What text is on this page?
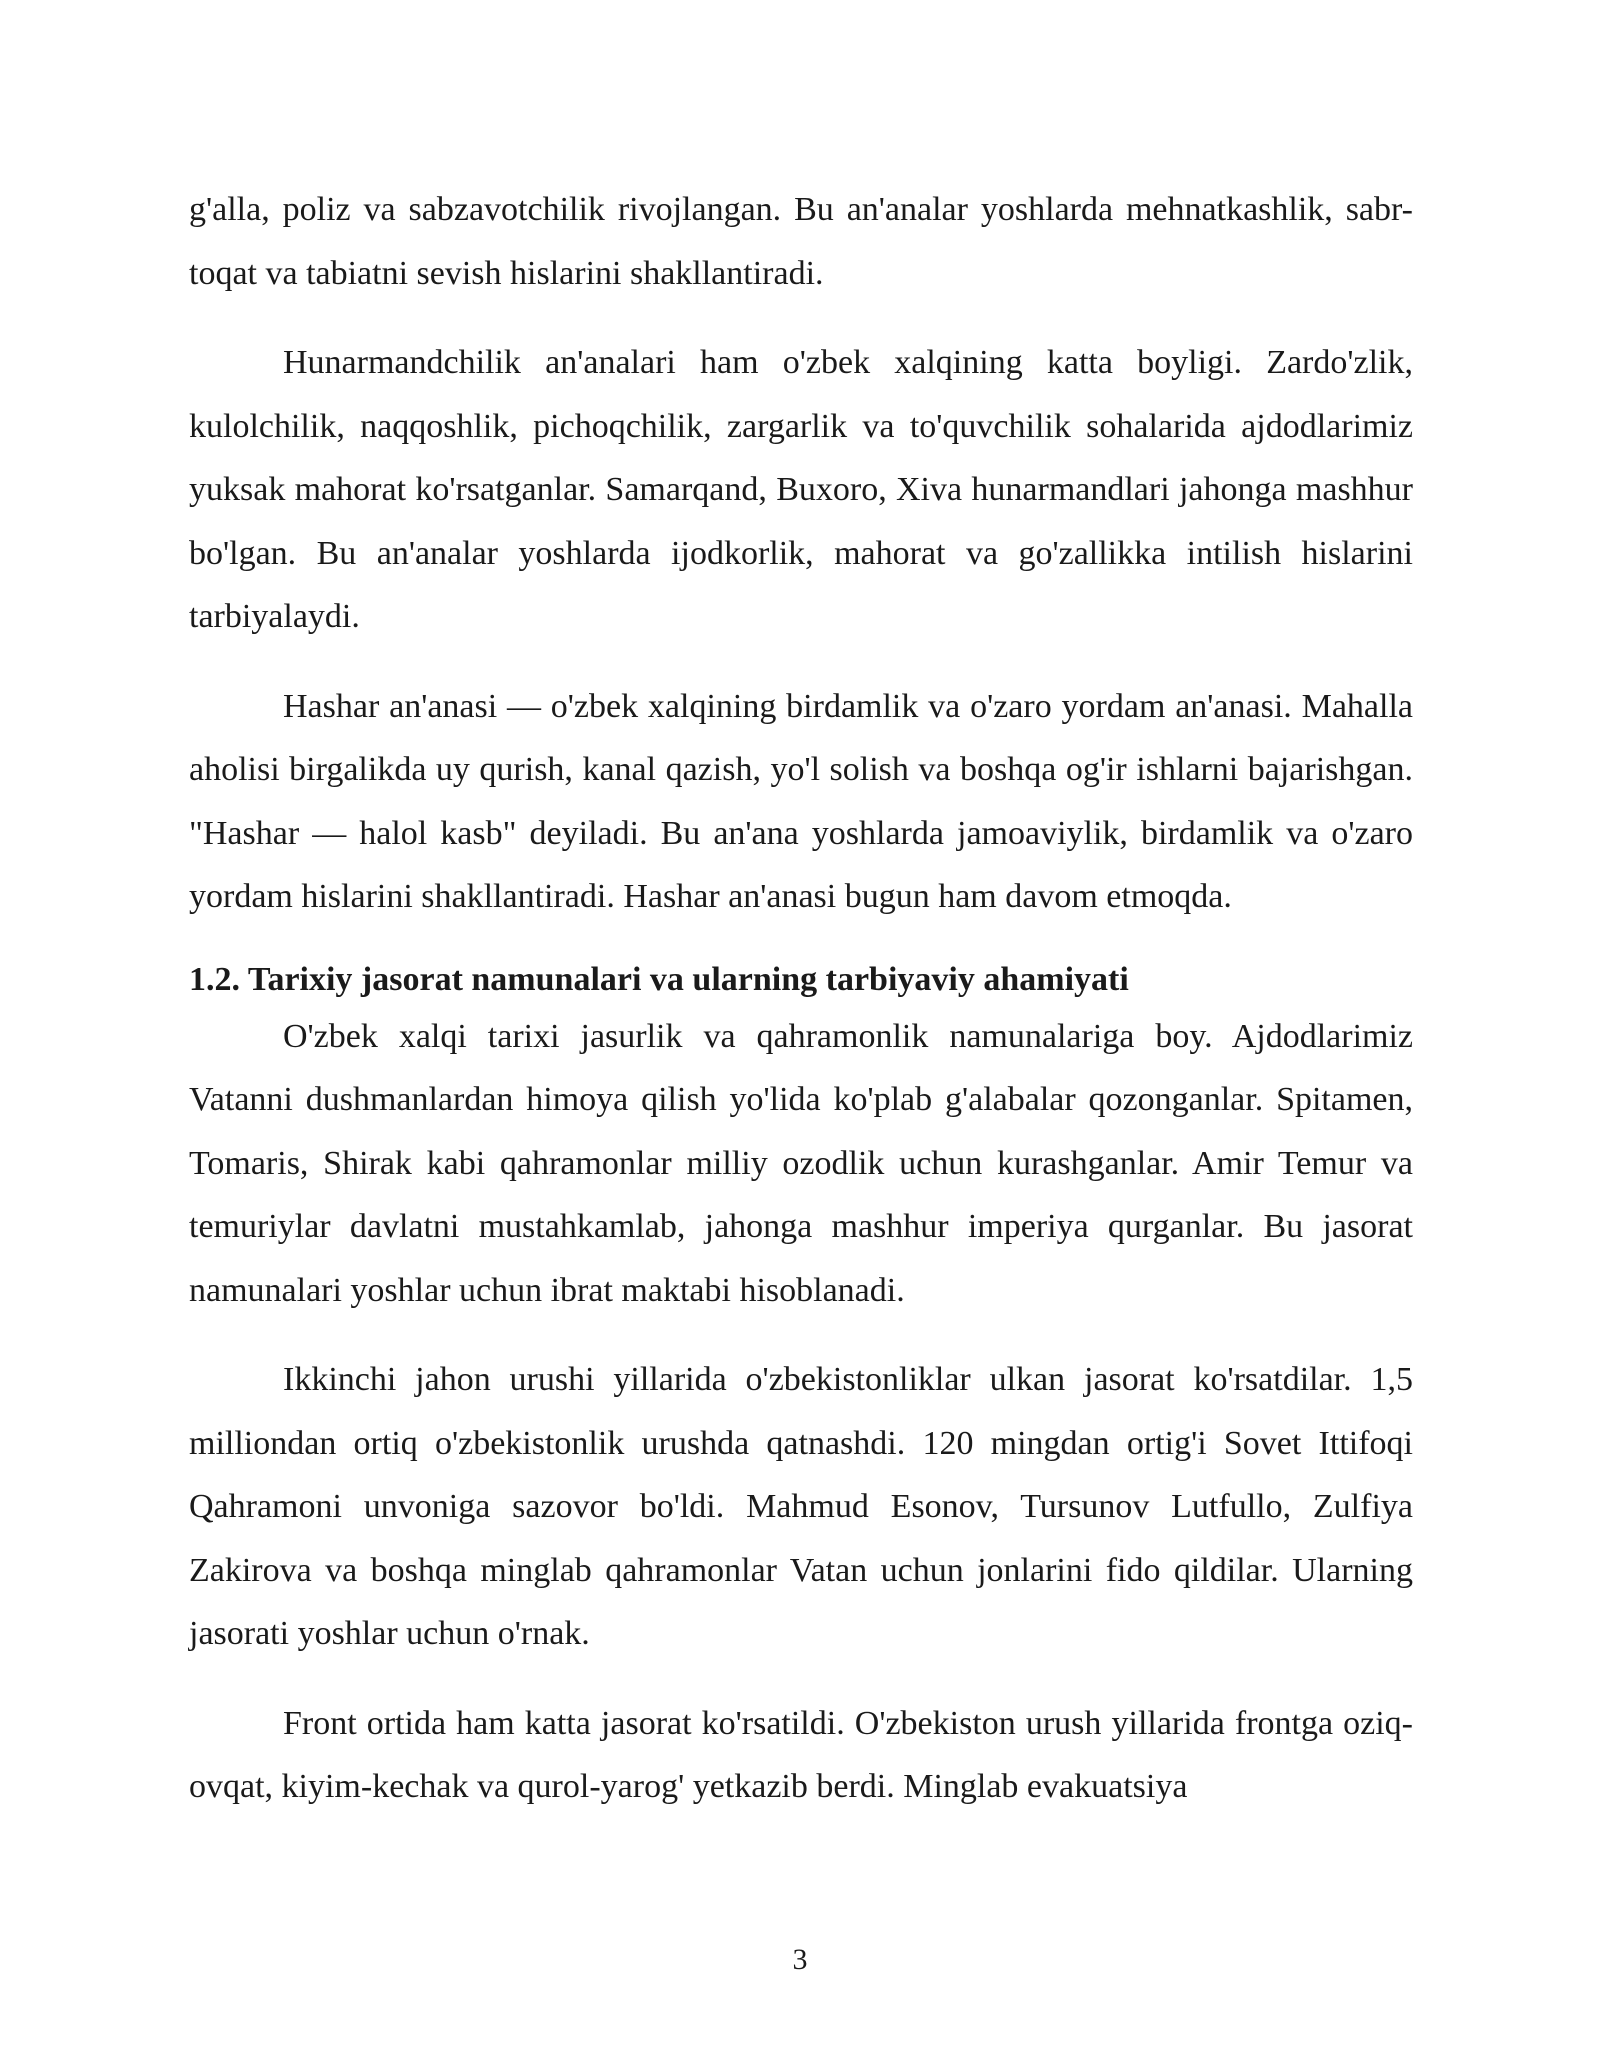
g'alla, poliz va sabzavotchilik rivojlangan. Bu an'analar yoshlarda mehnatkashlik, sabr-toqat va tabiatni sevish hislarini shakllantiradi.

Hunarmandchilik an'analari ham o'zbek xalqining katta boyligi. Zardo'zlik, kulolchilik, naqqoshlik, pichoqchilik, zargarlik va to'quvchilik sohalarida ajdodlarimiz yuksak mahorat ko'rsatganlar. Samarqand, Buxoro, Xiva hunarmandlari jahonga mashhur bo'lgan. Bu an'analar yoshlarda ijodkorlik, mahorat va go'zallikka intilish hislarini tarbiyalaydi.

Hashar an'anasi — o'zbek xalqining birdamlik va o'zaro yordam an'anasi. Mahalla aholisi birgalikda uy qurish, kanal qazish, yo'l solish va boshqa og'ir ishlarni bajarishgan. "Hashar — halol kasb" deyiladi. Bu an'ana yoshlarda jamoaviylik, birdamlik va o'zaro yordam hislarini shakllantiradi. Hashar an'anasi bugun ham davom etmoqda.

1.2. Tarixiy jasorat namunalari va ularning tarbiyaviy ahamiyati

O'zbek xalqi tarixi jasurlik va qahramonlik namunalariga boy. Ajdodlarimiz Vatanni dushmanlardan himoya qilish yo'lida ko'plab g'alabalar qozonganlar. Spitamen, Tomaris, Shirak kabi qahramonlar milliy ozodlik uchun kurashganlar. Amir Temur va temuriylar davlatni mustahkamlab, jahonga mashhur imperiya qurganlar. Bu jasorat namunalari yoshlar uchun ibrat maktabi hisoblanadi.

Ikkinchi jahon urushi yillarida o'zbekistonliklar ulkan jasorat ko'rsatdilar. 1,5 milliondan ortiq o'zbekistonlik urushda qatnashdi. 120 mingdan ortig'i Sovet Ittifoqi Qahramoni unvoniga sazovor bo'ldi. Mahmud Esonov, Tursunov Lutfullo, Zulfiya Zakirova va boshqa minglab qahramonlar Vatan uchun jonlarini fido qildilar. Ularning jasorati yoshlar uchun o'rnak.

Front ortida ham katta jasorat ko'rsatildi. O'zbekiston urush yillarida frontga oziq-ovqat, kiyim-kechak va qurol-yarog' yetkazib berdi. Minglab evakuatsiya

3
